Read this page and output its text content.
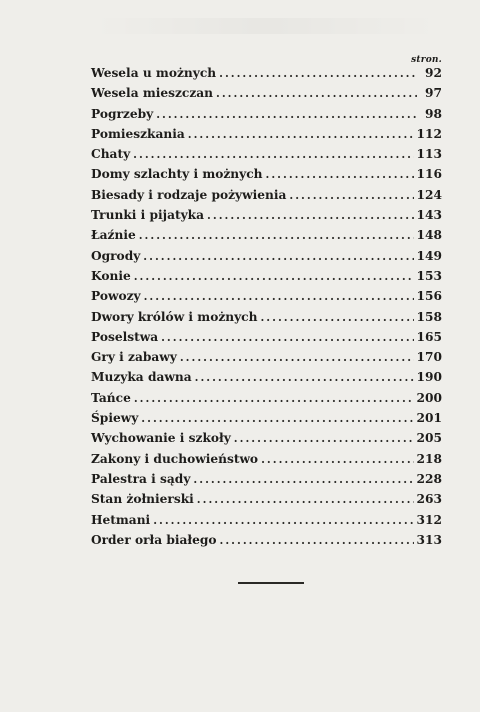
stron.
Wesela u możnych .....	92
Wesela mieszczan .....	97
Pogrzeby .....	98
Pomieszkania .....	112
Chaty .....	113
Domy szlachty i możnych .....	116
Biesady i rodzaje pożywienia .....	124
Trunki i pijatyka .....	143
Łaźnie .....	148
Ogrody .....	149
Konie .....	153
Powozy .....	156
Dwory królów i możnych .....	158
Poselstwa .....	165
Gry i zabawy .....	170
Muzyka dawna .....	190
Tańce .....	200
Śpiewy .....	201
Wychowanie i szkoły .....	205
Zakony i duchowieństwo .....	218
Palestra i sądy .....	228
Stan żołnierski .....	263
Hetmani .....	312
Order orła białego .....	313
